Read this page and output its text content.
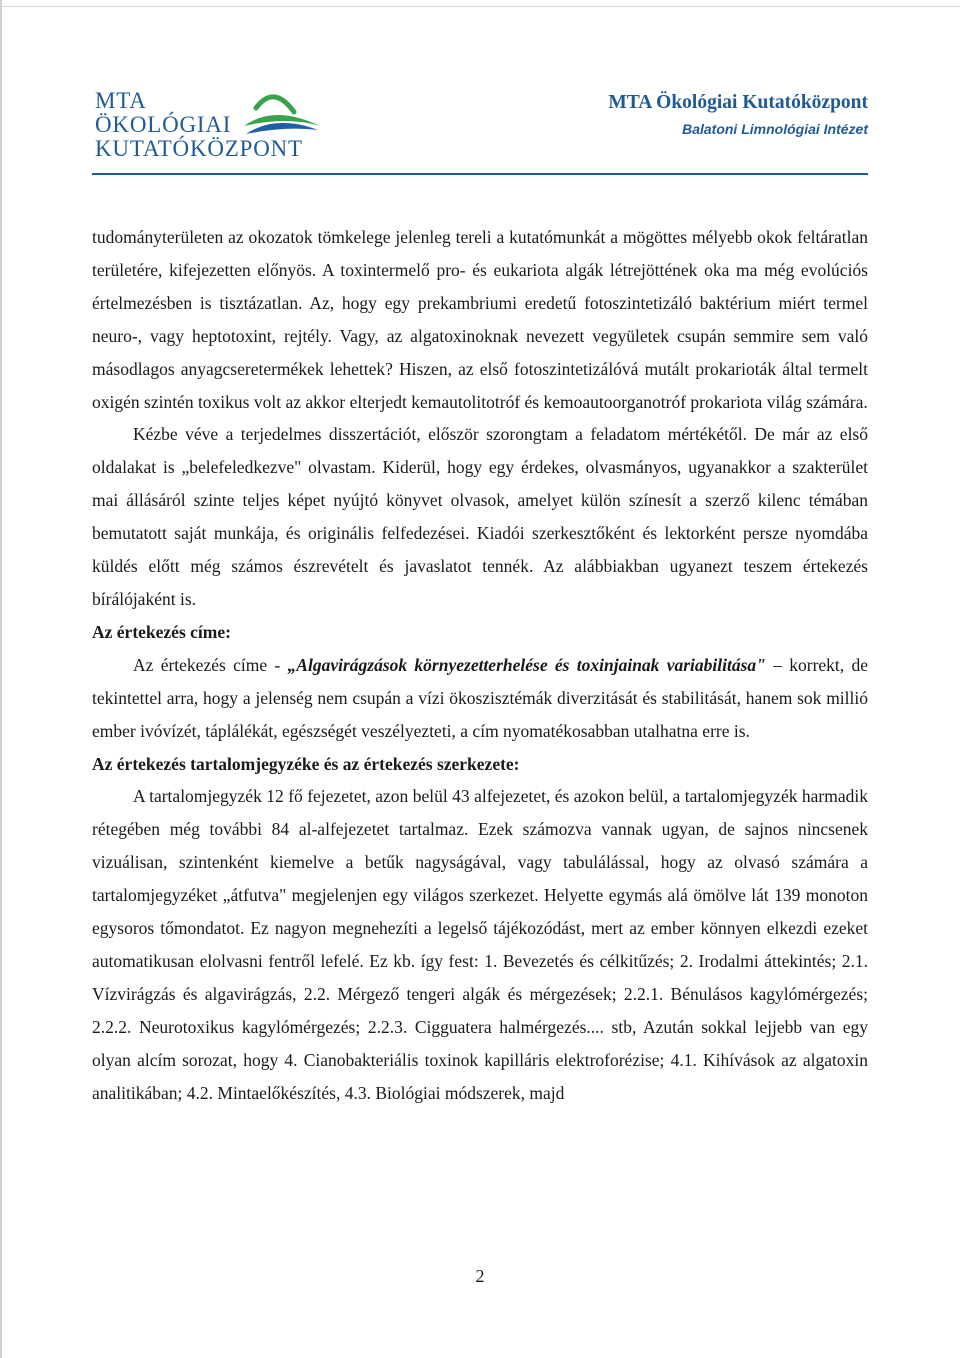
MTA
ÖKOLÓGIAI
KUTATÓKÖZPONT
MTA Ökológiai Kutatóközpont
Balatoni Limnológiai Intézet

tudományterületen az okozatok tömkelege jelenleg tereli a kutatómunkát a mögöttes mélyebb okok feltáratlan területére, kifejezetten előnyös. A toxintermelő pro- és eukariota algák létrejöttének oka ma még evolúciós értelmezésben is tisztázatlan. Az, hogy egy prekambriumi eredetű fotoszintetizáló baktérium miért termel neuro-, vagy heptotoxint, rejtély. Vagy, az algatoxinoknak nevezett vegyületek csupán semmire sem való másodlagos anyagcseretermékek lehettek? Hiszen, az első fotoszintetizálóvá mutált prokarioták által termelt oxigén szintén toxikus volt az akkor elterjedt kemautolitotróf és kemoautoorganotróf prokariota világ számára.

Kézbe véve a terjedelmes disszertációt, először szorongtam a feladatom mértékétől. De már az első oldalakat is „belefeledkezve" olvastam. Kiderül, hogy egy érdekes, olvasmányos, ugyanakkor a szakterület mai állásáról szinte teljes képet nyújtó könyvet olvasok, amelyet külön színesít a szerző kilenc témában bemutatott saját munkája, és originális felfedezései. Kiadói szerkesztőként és lektorként persze nyomdába küldés előtt még számos észrevételt és javaslatot tennék. Az alábbiakban ugyanezt teszem értekezés bírálójaként is.

Az értekezés címe:

Az értekezés címe - „Algavirágzások környezetterhelése és toxinjainak variabilitása" – korrekt, de tekintettel arra, hogy a jelenség nem csupán a vízi ökoszisztémák diverzitását és stabilitását, hanem sok millió ember ivóvízét, táplálékát, egészségét veszélyezteti, a cím nyomatékosabban utalhatna erre is.

Az értekezés tartalomjegyzéke és az értekezés szerkezete:

A tartalomjegyzék 12 fő fejezetet, azon belül 43 alfejezetet, és azokon belül, a tartalomjegyzék harmadik rétegében még további 84 al-alfejezetet tartalmaz. Ezek számozva vannak ugyan, de sajnos nincsenek vizuálisan, szintenként kiemelve a betűk nagyságával, vagy tabulálással, hogy az olvasó számára a tartalomjegyzéket „átfutva" megjelenjen egy világos szerkezet. Helyette egymás alá ömölve lát 139 monoton egysoros tőmondatot. Ez nagyon megnehezíti a legelső tájékozódást, mert az ember könnyen elkezdi ezeket automatikusan elolvasni fentről lefelé. Ez kb. így fest: 1. Bevezetés és célkitűzés; 2. Irodalmi áttekintés; 2.1. Vízvirágzás és algavirágzás, 2.2. Mérgező tengeri algák és mérgezések; 2.2.1. Bénulásos kagylómérgezés; 2.2.2. Neurotoxikus kagylómérgezés; 2.2.3. Cigguatera halmérgezés.... stb, Azután sokkal lejjebb van egy olyan alcím sorozat, hogy 4. Cianobakteriális toxinok kapilláris elektroforézise; 4.1. Kihívások az algatoxin analitikában; 4.2. Mintaelőkészítés, 4.3. Biológiai módszerek, majd

2
